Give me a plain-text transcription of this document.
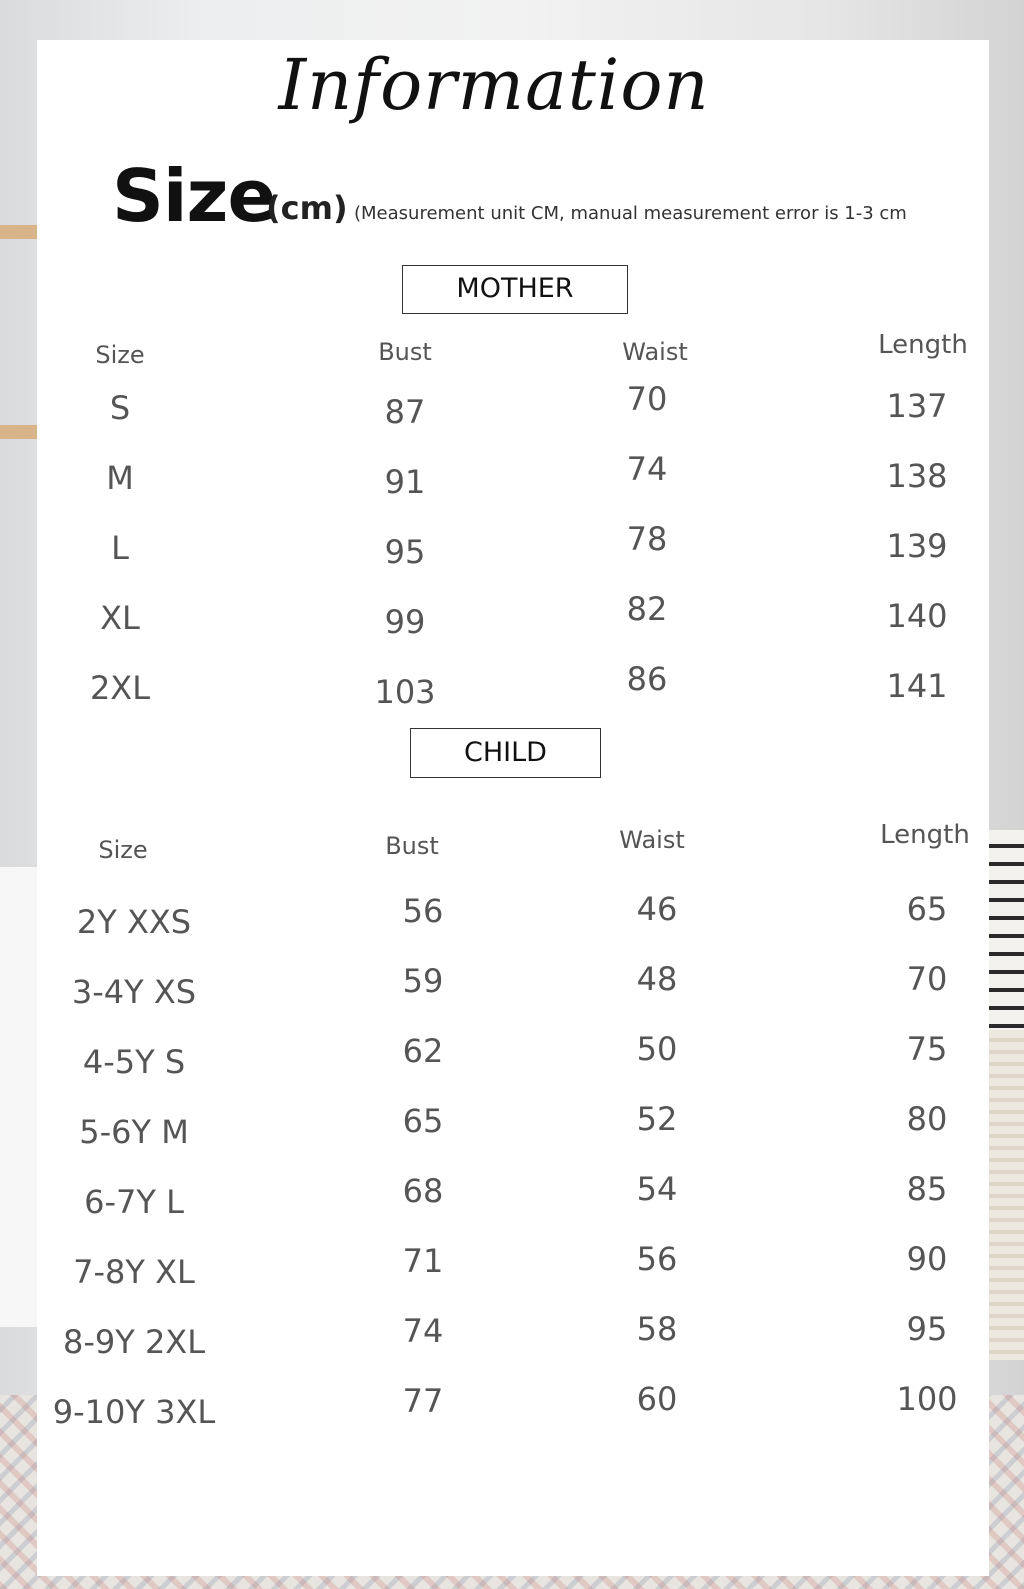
Information
Size
(cm) (Measurement unit CM, manual measurement error is 1-3 cm
MOTHER
Size	Bust	Waist	Length
S	87	70	137
M	91	74	138
L	95	78	139
XL	99	82	140
2XL	103	86	141
CHILD
Size	Bust	Waist	Length
2Y XXS	56	46	65
3-4Y XS	59	48	70
4-5Y S	62	50	75
5-6Y M	65	52	80
6-7Y L	68	54	85
7-8Y XL	71	56	90
8-9Y 2XL	74	58	95
9-10Y 3XL	77	60	100
